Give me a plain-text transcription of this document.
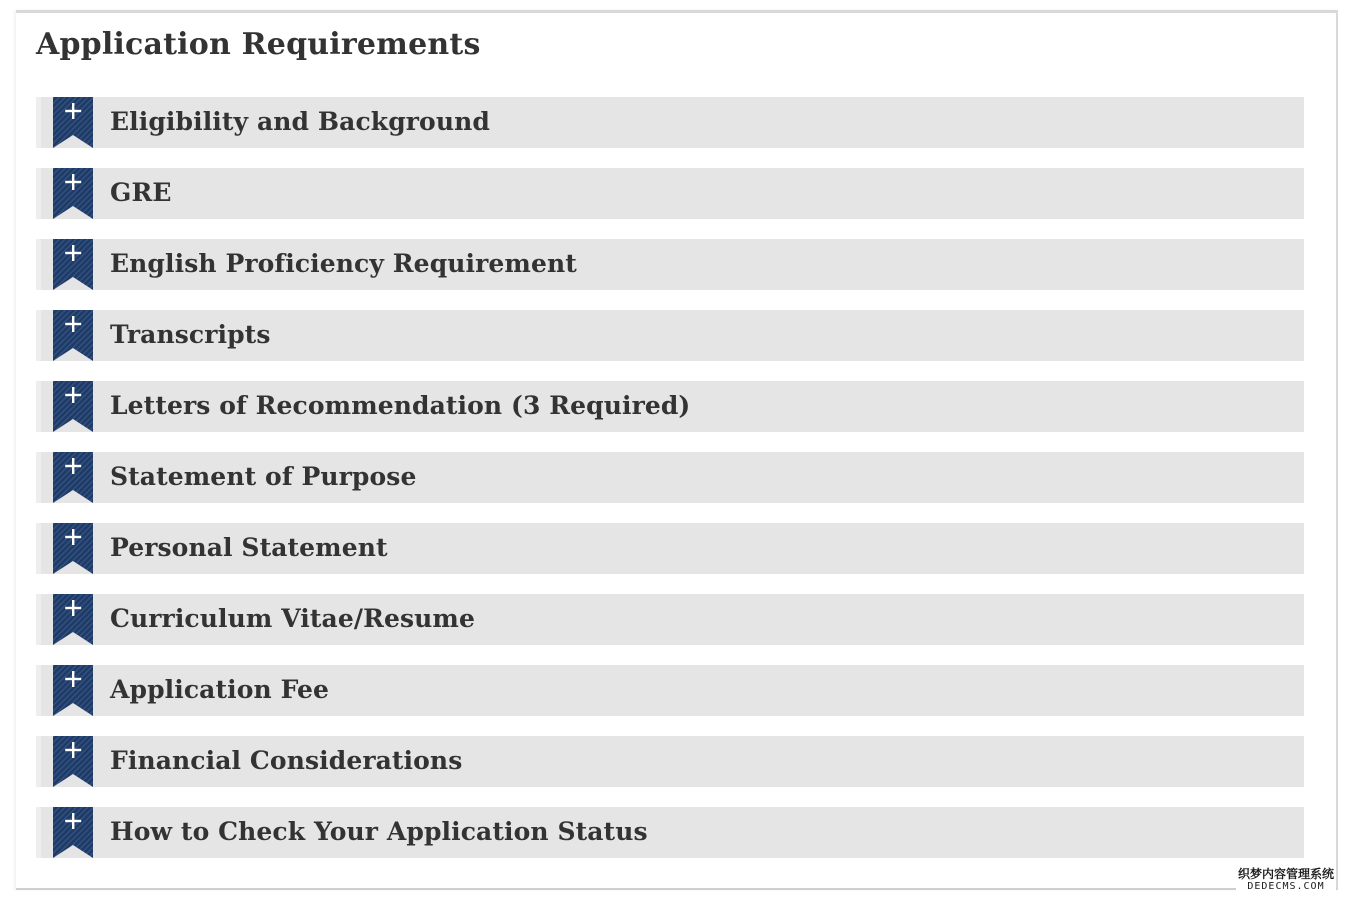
Application Requirements
Eligibility and Background
GRE
English Proficiency Requirement
Transcripts
Letters of Recommendation (3 Required)
Statement of Purpose
Personal Statement
Curriculum Vitae/Resume
Application Fee
Financial Considerations
How to Check Your Application Status
织梦内容管理系统
DEDECMS.COM
